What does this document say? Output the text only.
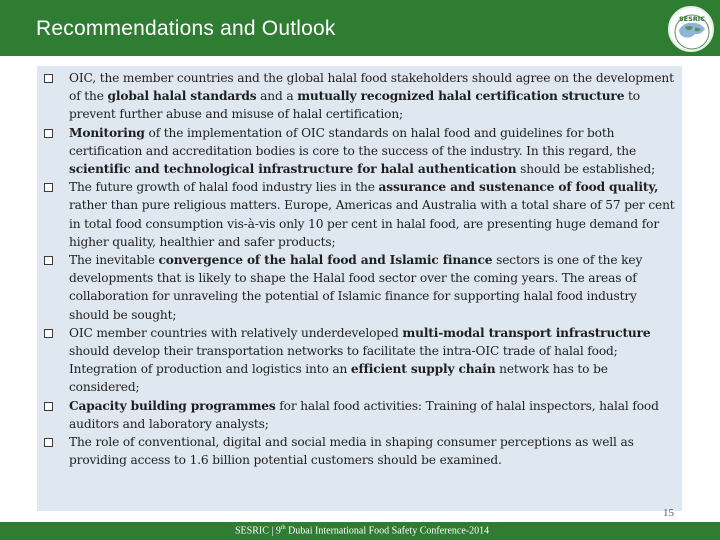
Recommendations and Outlook	SESRIC
OIC, the member countries and the global halal food stakeholders should agree on the development of the global halal standards and a mutually recognized halal certification structure to prevent further abuse and misuse of halal certification;
Monitoring of the implementation of OIC standards on halal food and guidelines for both certification and accreditation bodies is core to the success of the industry. In this regard, the scientific and technological infrastructure for halal authentication should be established;
The future growth of halal food industry lies in the assurance and sustenance of food quality, rather than pure religious matters. Europe, Americas and Australia with a total share of 57 per cent in total food consumption vis-à-vis only 10 per cent in halal food, are presenting huge demand for higher quality, healthier and safer products;
The inevitable convergence of the halal food and Islamic finance sectors is one of the key developments that is likely to shape the Halal food sector over the coming years. The areas of collaboration for unraveling the potential of Islamic finance for supporting halal food industry should be sought;
OIC member countries with relatively underdeveloped multi-modal transport infrastructure should develop their transportation networks to facilitate the intra-OIC trade of halal food; Integration of production and logistics into an efficient supply chain network has to be considered;
Capacity building programmes for halal food activities: Training of halal inspectors, halal food auditors and laboratory analysts;
The role of conventional, digital and social media in shaping consumer perceptions as well as providing access to 1.6 billion potential customers should be examined.
15
SESRIC | 9th Dubai International Food Safety Conference-2014
